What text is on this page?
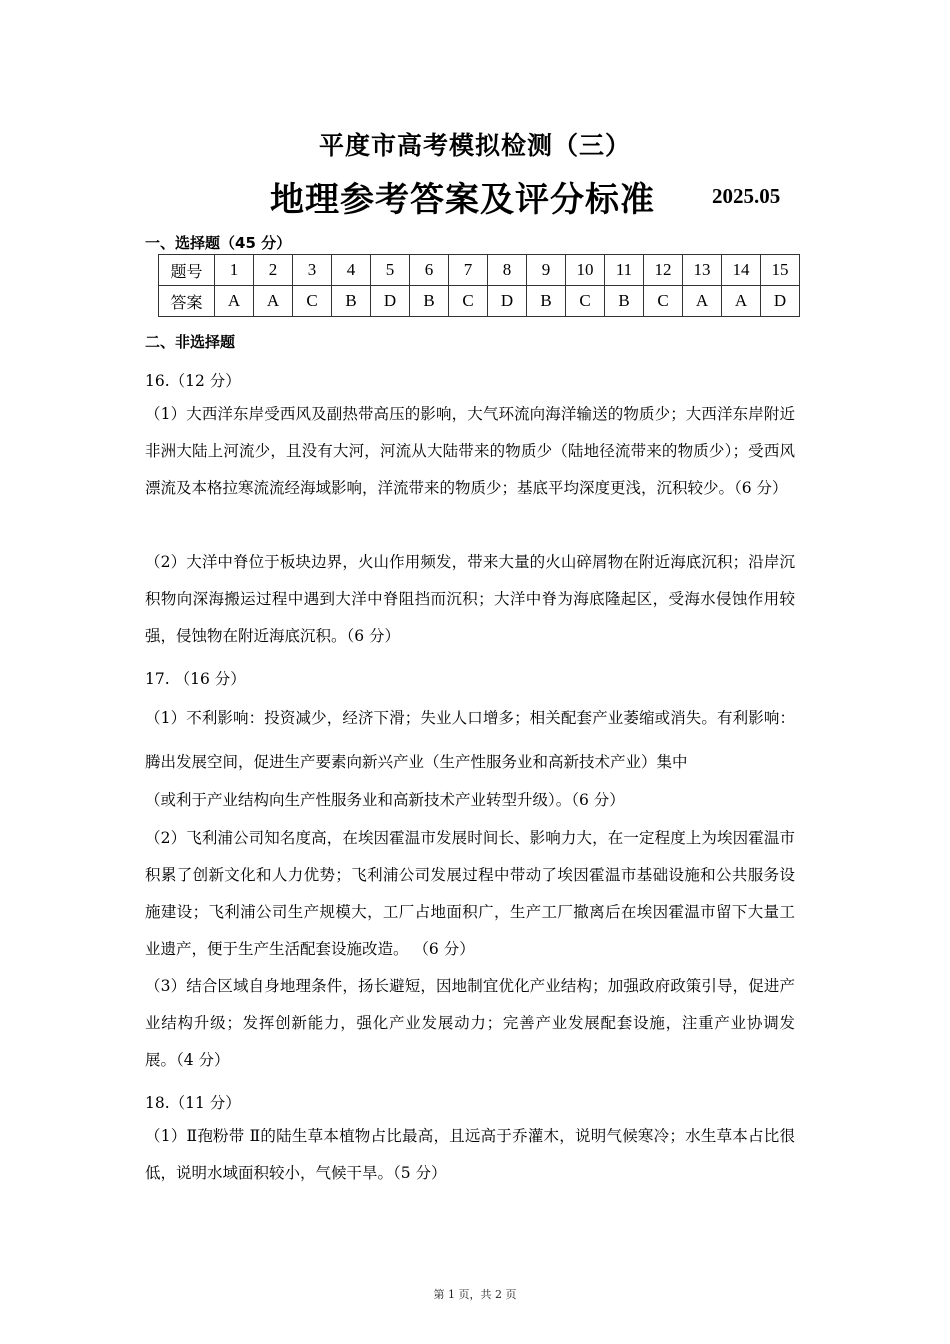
平度市高考模拟检测（三）
地理参考答案及评分标准	2025.05
一、选择题（45 分）
题号	1	2	3	4	5	6	7	8	9	10	11	12	13	14	15
答案	A	A	C	B	D	B	C	D	B	C	B	C	A	A	D
二、非选择题
16.（12 分）
（1）大西洋东岸受西风及副热带高压的影响，大气环流向海洋输送的物质少；大西洋东岸附近非洲大陆上河流少，且没有大河，河流从大陆带来的物质少（陆地径流带来的物质少）；受西风漂流及本格拉寒流流经海域影响，洋流带来的物质少；基底平均深度更浅，沉积较少。（6 分）
（2）大洋中脊位于板块边界，火山作用频发，带来大量的火山碎屑物在附近海底沉积；沿岸沉积物向深海搬运过程中遇到大洋中脊阻挡而沉积；大洋中脊为海底隆起区，受海水侵蚀作用较强，侵蚀物在附近海底沉积。（6 分）
17. （16 分）
（1）不利影响：投资减少，经济下滑；失业人口增多；相关配套产业萎缩或消失。有利影响：腾出发展空间，促进生产要素向新兴产业（生产性服务业和高新技术产业）集中
（或利于产业结构向生产性服务业和高新技术产业转型升级）。（6 分）
（2）飞利浦公司知名度高，在埃因霍温市发展时间长、影响力大，在一定程度上为埃因霍温市积累了创新文化和人力优势；飞利浦公司发展过程中带动了埃因霍温市基础设施和公共服务设施建设；飞利浦公司生产规模大，工厂占地面积广，生产工厂撤离后在埃因霍温市留下大量工业遗产，便于生产生活配套设施改造。 （6 分）
（3）结合区域自身地理条件，扬长避短，因地制宜优化产业结构；加强政府政策引导，促进产业结构升级；发挥创新能力，强化产业发展动力；完善产业发展配套设施，注重产业协调发展。（4 分）
18.（11 分）
（1）Ⅱ孢粉带 Ⅱ的陆生草本植物占比最高，且远高于乔灌木，说明气候寒冷；水生草本占比很低，说明水域面积较小，气候干旱。（5 分）
第 1 页，共 2 页
